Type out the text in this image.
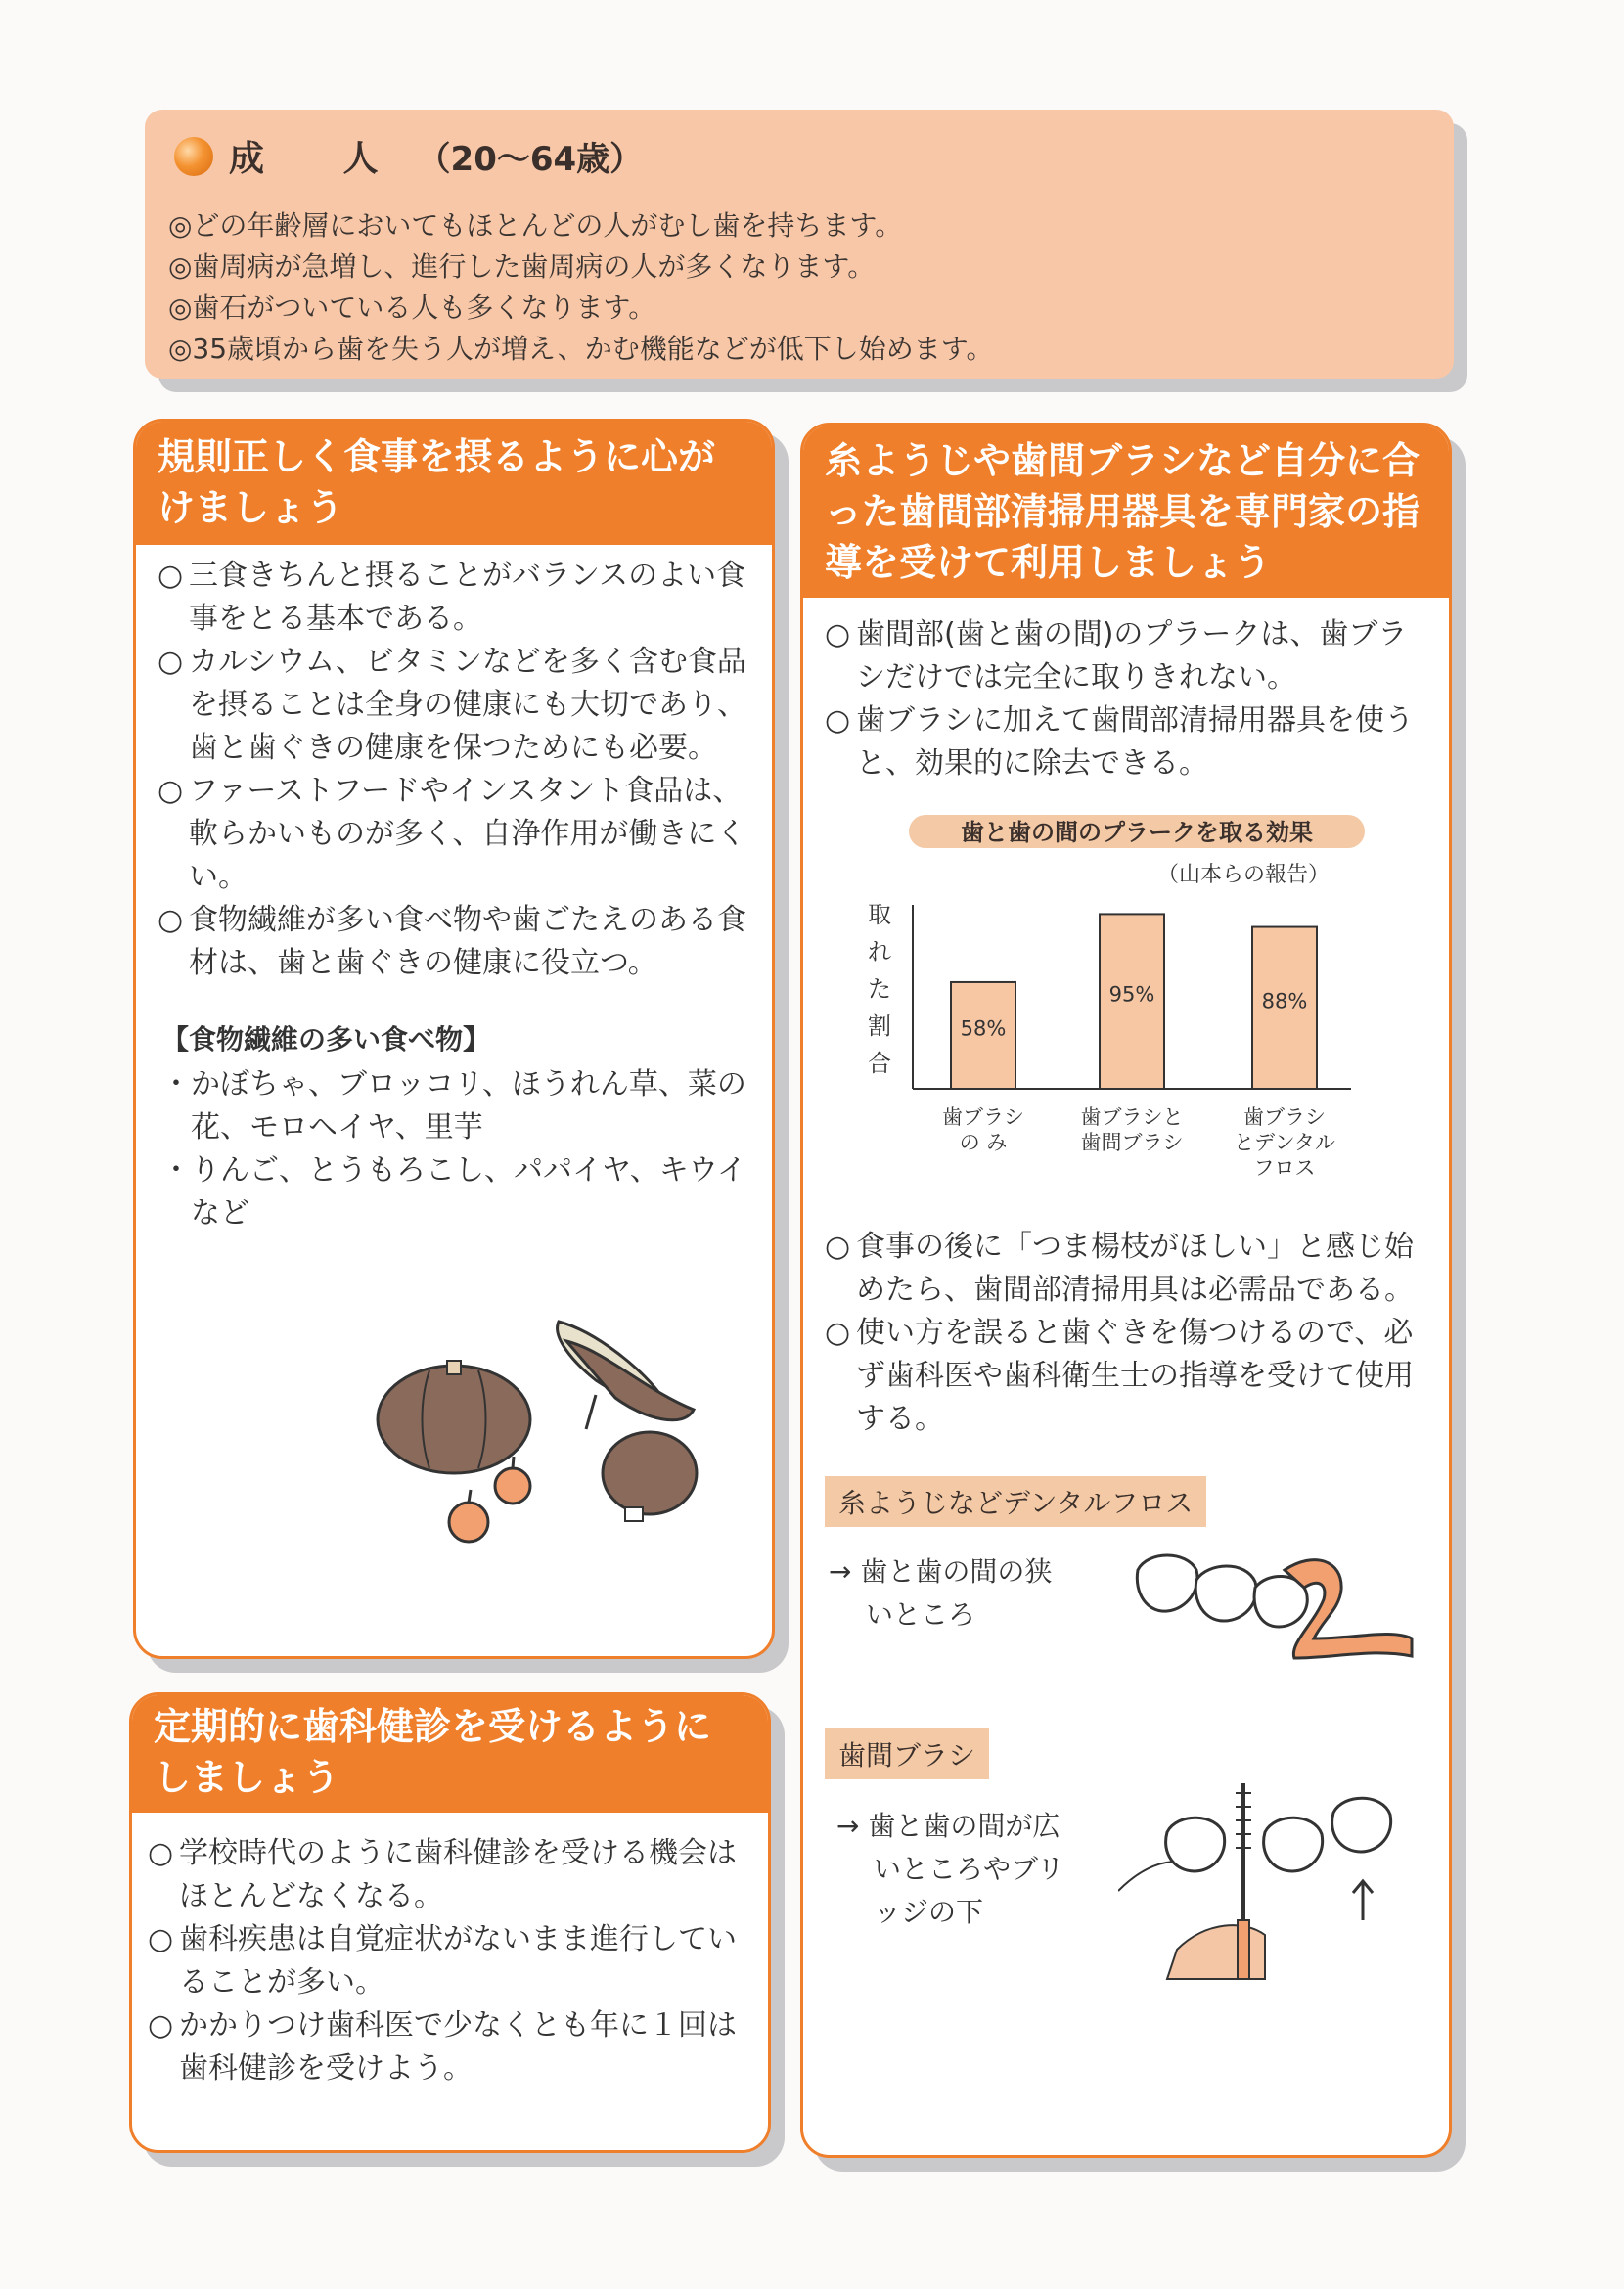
成 人 （20〜64歳）
◎どの年齢層においてもほとんどの人がむし歯を持ちます。
◎歯周病が急増し、進行した歯周病の人が多くなります。
◎歯石がついている人も多くなります。
◎35歳頃から歯を失う人が増え、かむ機能などが低下し始めます。
規則正しく食事を摂るように心がけましょう
○ 三食きちんと摂ることがバランスのよい食事をとる基本である。
○ カルシウム、ビタミンなどを多く含む食品を摂ることは全身の健康にも大切であり、歯と歯ぐきの健康を保つためにも必要。
○ ファーストフードやインスタント食品は、軟らかいものが多く、自浄作用が働きにくい。
○ 食物繊維が多い食べ物や歯ごたえのある食材は、歯と歯ぐきの健康に役立つ。
【食物繊維の多い食べ物】
・ かぼちゃ、ブロッコリ、ほうれん草、菜の花、モロヘイヤ、里芋
・ りんご、とうもろこし、パパイヤ、キウイなど
定期的に歯科健診を受けるようにしましょう
○ 学校時代のように歯科健診を受ける機会はほとんどなくなる。
○ 歯科疾患は自覚症状がないまま進行していることが多い。
○ かかりつけ歯科医で少なくとも年に１回は歯科健診を受けよう。
糸ようじや歯間ブラシなど自分に合った歯間部清掃用器具を専門家の指導を受けて利用しましょう
○ 歯間部(歯と歯の間)のプラークは、歯ブラシだけでは完全に取りきれない。
○ 歯ブラシに加えて歯間部清掃用器具を使うと、効果的に除去できる。
歯と歯の間のプラークを取る効果
（山本らの報告）
取
れ
た
割
合
58%
95%	88%
歯ブラシ
の み
歯ブラシと
歯間ブラシ
歯ブラシ
とデンタル
フロス
○ 食事の後に「つま楊枝がほしい」と感じ始めたら、歯間部清掃用具は必需品である。
○ 使い方を誤ると歯ぐきを傷つけるので、必ず歯科医や歯科衛生士の指導を受けて使用する。
糸ようじなどデンタルフロス
→ 歯と歯の間の狭
いところ
歯間ブラシ
→ 歯と歯の間が広
いところやブリ
ッジの下
